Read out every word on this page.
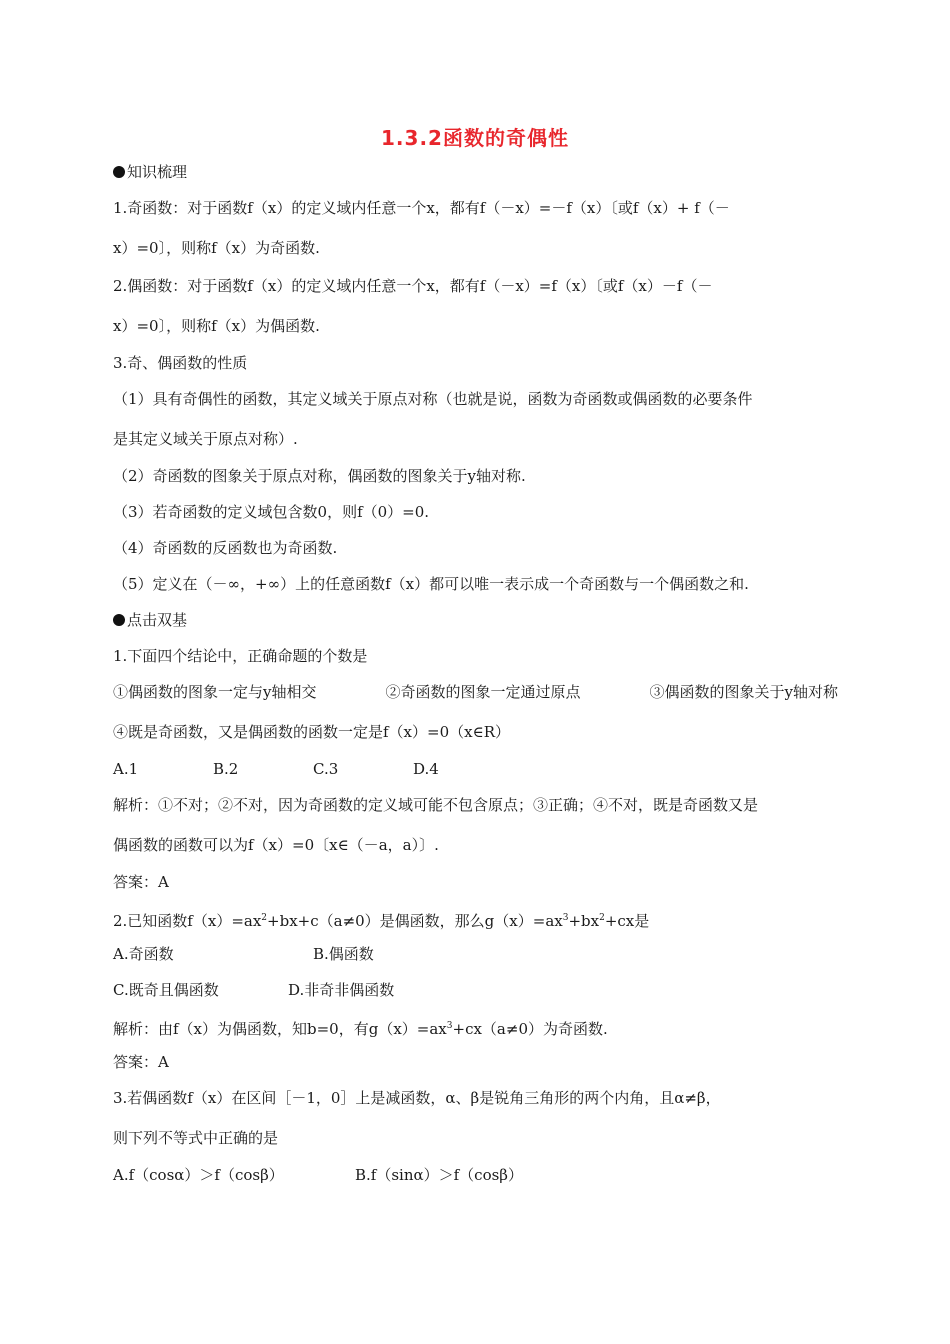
1.3.2函数的奇偶性
知识梳理
1.奇函数：对于函数f（x）的定义域内任意一个x，都有f（－x）=－f（x）〔或f（x）+ f（－
x）=0〕，则称f（x）为奇函数.
2.偶函数：对于函数f（x）的定义域内任意一个x，都有f（－x）=f（x）〔或f（x）－f（－
x）=0〕，则称f（x）为偶函数.
3.奇、偶函数的性质
（1）具有奇偶性的函数，其定义域关于原点对称（也就是说，函数为奇函数或偶函数的必要条件
是其定义域关于原点对称）.
（2）奇函数的图象关于原点对称，偶函数的图象关于y轴对称.
（3）若奇函数的定义域包含数0，则f（0）=0.
（4）奇函数的反函数也为奇函数.
（5）定义在（－∞，+∞）上的任意函数f（x）都可以唯一表示成一个奇函数与一个偶函数之和.
点击双基
1.下面四个结论中，正确命题的个数是
①偶函数的图象一定与y轴相交	②奇函数的图象一定通过原点	③偶函数的图象关于y轴对称
④既是奇函数，又是偶函数的函数一定是f（x）=0（x∈R）
A.1	B.2	C.3	D.4
解析：①不对；②不对，因为奇函数的定义域可能不包含原点；③正确；④不对，既是奇函数又是
偶函数的函数可以为f（x）=0〔x∈（－a，a）〕.
答案：A
2.已知函数$f(x)=ax^2+bx+c(a\ne 0)$是偶函数，那么$g(x)=ax^3+bx^2+cx$是
A.奇函数	B.偶函数
C.既奇且偶函数	D.非奇非偶函数
解析：由f（x）为偶函数，知b=0，有$g(x)=ax^3+cx(a\ne 0)$为奇函数.
答案：A
3.若偶函数f（x）在区间［－1，0］上是减函数，α、β是锐角三角形的两个内角，且α≠β，
则下列不等式中正确的是
A.f（cosα）＞f（cosβ）	B.f（sinα）＞f（cosβ）
